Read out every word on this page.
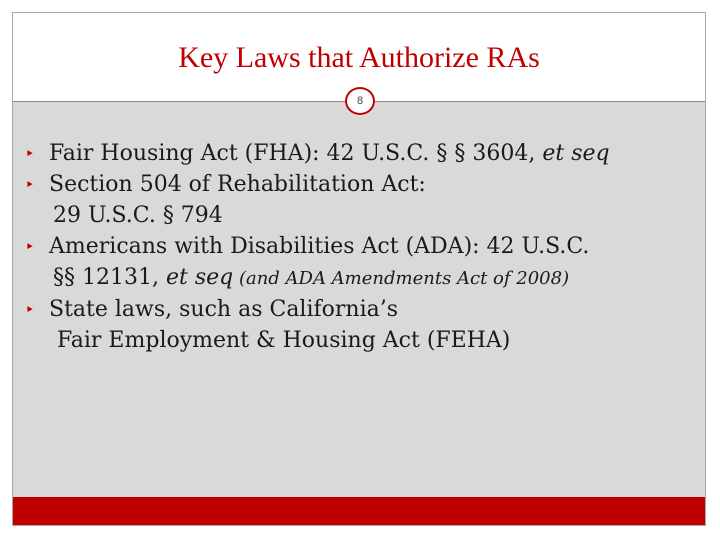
Key Laws that Authorize RAs
8
‣ Fair Housing Act (FHA): 42 U.S.C. § § 3604, et seq
‣ Section 504 of Rehabilitation Act:
29 U.S.C. § 794
‣ Americans with Disabilities Act (ADA): 42 U.S.C.
§§ 12131, et seq (and ADA Amendments Act of 2008)
‣ State laws, such as California’s
Fair Employment & Housing Act (FEHA)
